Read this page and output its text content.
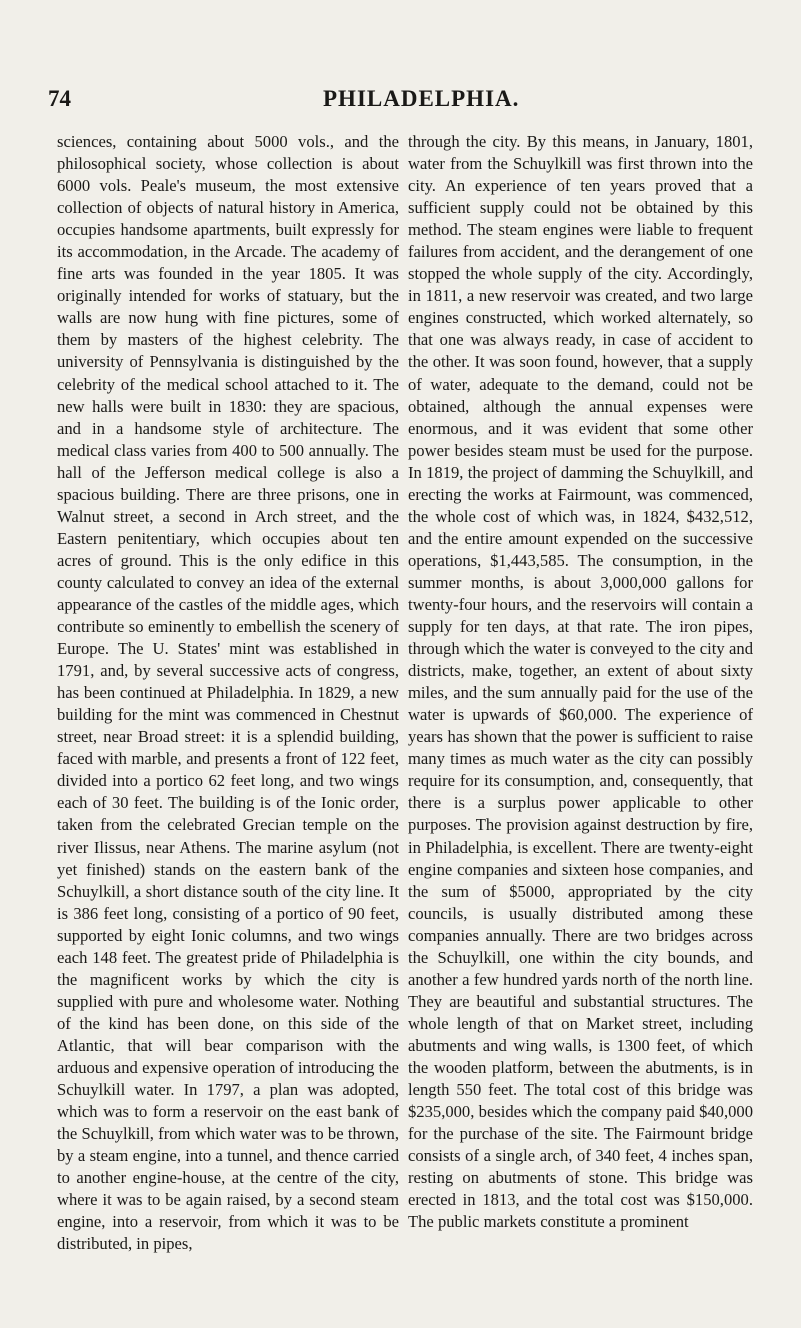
74	PHILADELPHIA.

sciences, containing about 5000 vols., and the philosophical society, whose collection is about 6000 vols. Peale's museum, the most extensive collection of objects of natural history in America, occupies handsome apartments, built expressly for its accommodation, in the Arcade. The academy of fine arts was founded in the year 1805. It was originally intended for works of statuary, but the walls are now hung with fine pictures, some of them by masters of the highest celebrity. The university of Pennsylvania is distinguished by the celebrity of the medical school attached to it. The new halls were built in 1830: they are spacious, and in a handsome style of architecture. The medical class varies from 400 to 500 annually. The hall of the Jefferson medical college is also a spacious building. There are three prisons, one in Walnut street, a second in Arch street, and the Eastern penitentiary, which occupies about ten acres of ground. This is the only edifice in this county calculated to convey an idea of the external appearance of the castles of the middle ages, which contribute so eminently to embellish the scenery of Europe. The U. States' mint was established in 1791, and, by several successive acts of congress, has been continued at Philadelphia. In 1829, a new building for the mint was commenced in Chestnut street, near Broad street: it is a splendid building, faced with marble, and presents a front of 122 feet, divided into a portico 62 feet long, and two wings each of 30 feet. The building is of the Ionic order, taken from the celebrated Grecian temple on the river Ilissus, near Athens. The marine asylum (not yet finished) stands on the eastern bank of the Schuylkill, a short distance south of the city line. It is 386 feet long, consisting of a portico of 90 feet, supported by eight Ionic columns, and two wings each 148 feet. The greatest pride of Philadelphia is the magnificent works by which the city is supplied with pure and wholesome water. Nothing of the kind has been done, on this side of the Atlantic, that will bear comparison with the arduous and expensive operation of introducing the Schuylkill water. In 1797, a plan was adopted, which was to form a reservoir on the east bank of the Schuylkill, from which water was to be thrown, by a steam engine, into a tunnel, and thence carried to another engine-house, at the centre of the city, where it was to be again raised, by a second steam engine, into a reservoir, from which it was to be distributed, in pipes,

through the city. By this means, in January, 1801, water from the Schuylkill was first thrown into the city. An experience of ten years proved that a sufficient supply could not be obtained by this method. The steam engines were liable to frequent failures from accident, and the derangement of one stopped the whole supply of the city. Accordingly, in 1811, a new reservoir was created, and two large engines constructed, which worked alternately, so that one was always ready, in case of accident to the other. It was soon found, however, that a supply of water, adequate to the demand, could not be obtained, although the annual expenses were enormous, and it was evident that some other power besides steam must be used for the purpose. In 1819, the project of damming the Schuylkill, and erecting the works at Fairmount, was commenced, the whole cost of which was, in 1824, $432,512, and the entire amount expended on the successive operations, $1,443,585. The consumption, in the summer months, is about 3,000,000 gallons for twenty-four hours, and the reservoirs will contain a supply for ten days, at that rate. The iron pipes, through which the water is conveyed to the city and districts, make, together, an extent of about sixty miles, and the sum annually paid for the use of the water is upwards of $60,000. The experience of years has shown that the power is sufficient to raise many times as much water as the city can possibly require for its consumption, and, consequently, that there is a surplus power applicable to other purposes. The provision against destruction by fire, in Philadelphia, is excellent. There are twenty-eight engine companies and sixteen hose companies, and the sum of $5000, appropriated by the city councils, is usually distributed among these companies annually. There are two bridges across the Schuylkill, one within the city bounds, and another a few hundred yards north of the north line. They are beautiful and substantial structures. The whole length of that on Market street, including abutments and wing walls, is 1300 feet, of which the wooden platform, between the abutments, is in length 550 feet. The total cost of this bridge was $235,000, besides which the company paid $40,000 for the purchase of the site. The Fairmount bridge consists of a single arch, of 340 feet, 4 inches span, resting on abutments of stone. This bridge was erected in 1813, and the total cost was $150,000. The public markets constitute a prominent
